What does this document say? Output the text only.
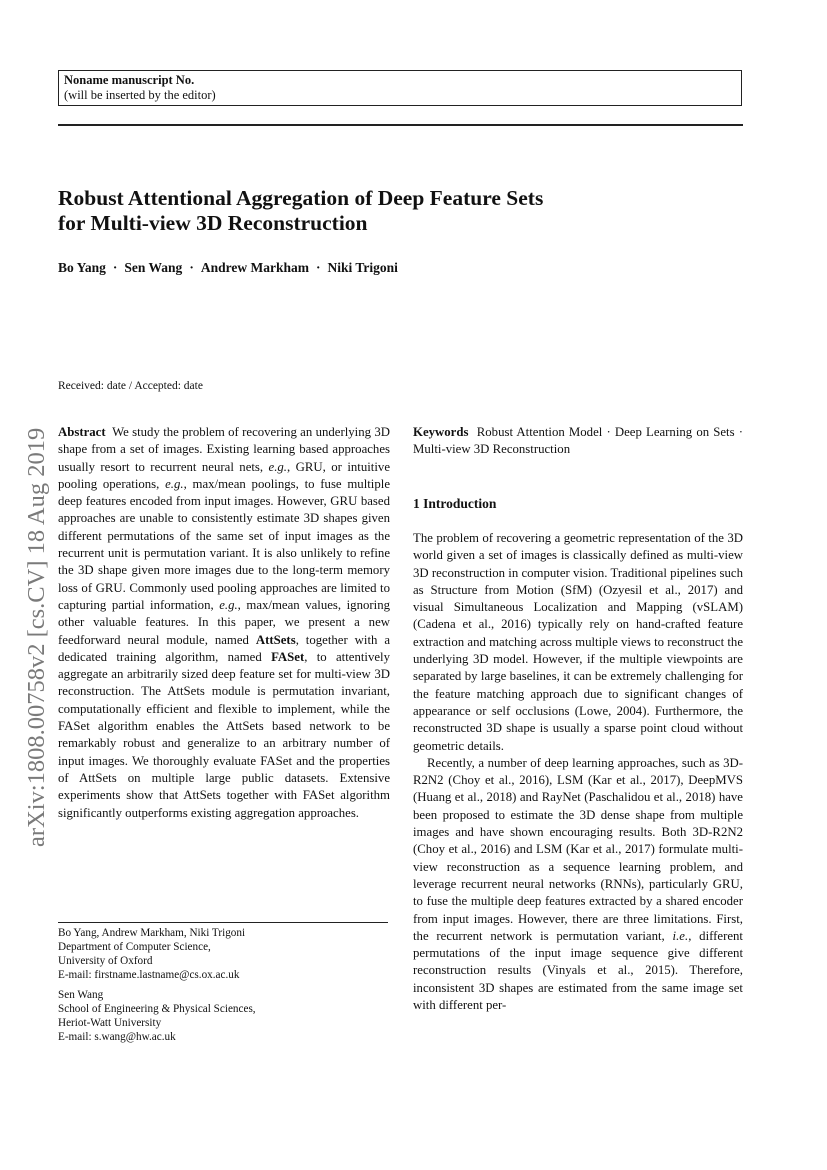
Noname manuscript No.
(will be inserted by the editor)
Robust Attentional Aggregation of Deep Feature Sets
for Multi-view 3D Reconstruction
Bo Yang · Sen Wang · Andrew Markham · Niki Trigoni
arXiv:1808.00758v2 [cs.CV] 18 Aug 2019
Received: date / Accepted: date
Abstract We study the problem of recovering an underlying 3D shape from a set of images. Existing learning based approaches usually resort to recurrent neural nets, e.g., GRU, or intuitive pooling operations, e.g., max/mean poolings, to fuse multiple deep features encoded from input images. However, GRU based approaches are unable to consistently estimate 3D shapes given different permutations of the same set of input images as the recurrent unit is permutation variant. It is also unlikely to refine the 3D shape given more images due to the long-term memory loss of GRU. Commonly used pooling approaches are limited to capturing partial information, e.g., max/mean values, ignoring other valuable features. In this paper, we present a new feedforward neural module, named AttSets, together with a dedicated training algorithm, named FASet, to attentively aggregate an arbitrarily sized deep feature set for multi-view 3D reconstruction. The AttSets module is permutation invariant, computationally efficient and flexible to implement, while the FASet algorithm enables the AttSets based network to be remarkably robust and generalize to an arbitrary number of input images. We thoroughly evaluate FASet and the properties of AttSets on multiple large public datasets. Extensive experiments show that AttSets together with FASet algorithm significantly outperforms existing aggregation approaches.
Keywords Robust Attention Model · Deep Learning on Sets · Multi-view 3D Reconstruction
1 Introduction

The problem of recovering a geometric representation of the 3D world given a set of images is classically defined as multi-view 3D reconstruction in computer vision. Traditional pipelines such as Structure from Motion (SfM) (Ozyesil et al., 2017) and visual Simultaneous Localization and Mapping (vSLAM) (Cadena et al., 2016) typically rely on hand-crafted feature extraction and matching across multiple views to reconstruct the underlying 3D model. However, if the multiple viewpoints are separated by large baselines, it can be extremely challenging for the feature matching approach due to significant changes of appearance or self occlusions (Lowe, 2004). Furthermore, the reconstructed 3D shape is usually a sparse point cloud without geometric details.

Recently, a number of deep learning approaches, such as 3D-R2N2 (Choy et al., 2016), LSM (Kar et al., 2017), DeepMVS (Huang et al., 2018) and RayNet (Paschalidou et al., 2018) have been proposed to estimate the 3D dense shape from multiple images and have shown encouraging results. Both 3D-R2N2 (Choy et al., 2016) and LSM (Kar et al., 2017) formulate multi-view reconstruction as a sequence learning problem, and leverage recurrent neural networks (RNNs), particularly GRU, to fuse the multiple deep features extracted by a shared encoder from input images. However, there are three limitations. First, the recurrent network is permutation variant, i.e., different permutations of the input image sequence give different reconstruction results (Vinyals et al., 2015). Therefore, inconsistent 3D shapes are estimated from the same image set with different per-

Bo Yang, Andrew Markham, Niki Trigoni
Department of Computer Science,
University of Oxford
E-mail: firstname.lastname@cs.ox.ac.uk
Sen Wang
School of Engineering & Physical Sciences,
Heriot-Watt University
E-mail: s.wang@hw.ac.uk
